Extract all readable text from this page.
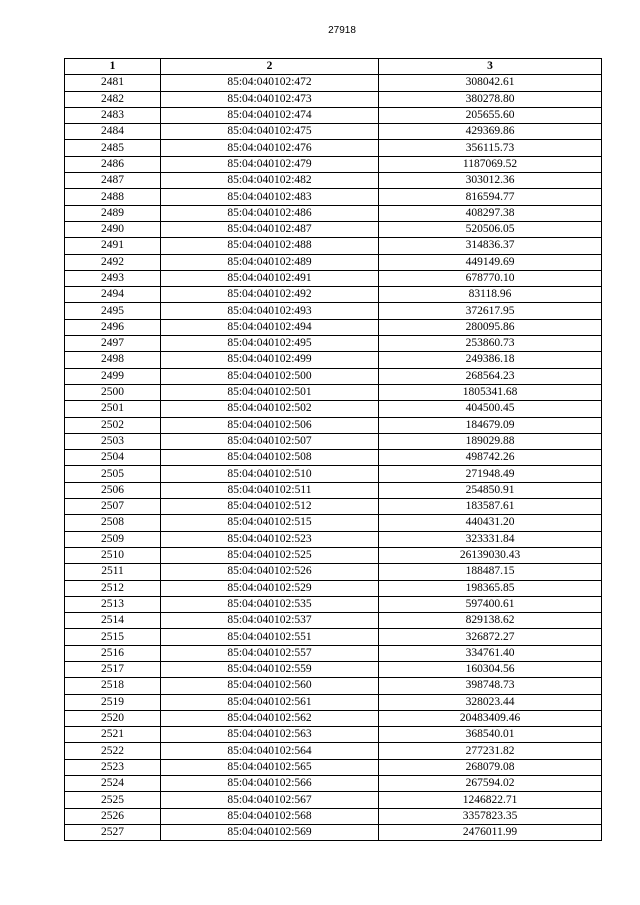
27918
1	2	3
2481	85:04:040102:472	308042.61
2482	85:04:040102:473	380278.80
2483	85:04:040102:474	205655.60
2484	85:04:040102:475	429369.86
2485	85:04:040102:476	356115.73
2486	85:04:040102:479	1187069.52
2487	85:04:040102:482	303012.36
2488	85:04:040102:483	816594.77
2489	85:04:040102:486	408297.38
2490	85:04:040102:487	520506.05
2491	85:04:040102:488	314836.37
2492	85:04:040102:489	449149.69
2493	85:04:040102:491	678770.10
2494	85:04:040102:492	83118.96
2495	85:04:040102:493	372617.95
2496	85:04:040102:494	280095.86
2497	85:04:040102:495	253860.73
2498	85:04:040102:499	249386.18
2499	85:04:040102:500	268564.23
2500	85:04:040102:501	1805341.68
2501	85:04:040102:502	404500.45
2502	85:04:040102:506	184679.09
2503	85:04:040102:507	189029.88
2504	85:04:040102:508	498742.26
2505	85:04:040102:510	271948.49
2506	85:04:040102:511	254850.91
2507	85:04:040102:512	183587.61
2508	85:04:040102:515	440431.20
2509	85:04:040102:523	323331.84
2510	85:04:040102:525	26139030.43
2511	85:04:040102:526	188487.15
2512	85:04:040102:529	198365.85
2513	85:04:040102:535	597400.61
2514	85:04:040102:537	829138.62
2515	85:04:040102:551	326872.27
2516	85:04:040102:557	334761.40
2517	85:04:040102:559	160304.56
2518	85:04:040102:560	398748.73
2519	85:04:040102:561	328023.44
2520	85:04:040102:562	20483409.46
2521	85:04:040102:563	368540.01
2522	85:04:040102:564	277231.82
2523	85:04:040102:565	268079.08
2524	85:04:040102:566	267594.02
2525	85:04:040102:567	1246822.71
2526	85:04:040102:568	3357823.35
2527	85:04:040102:569	2476011.99
